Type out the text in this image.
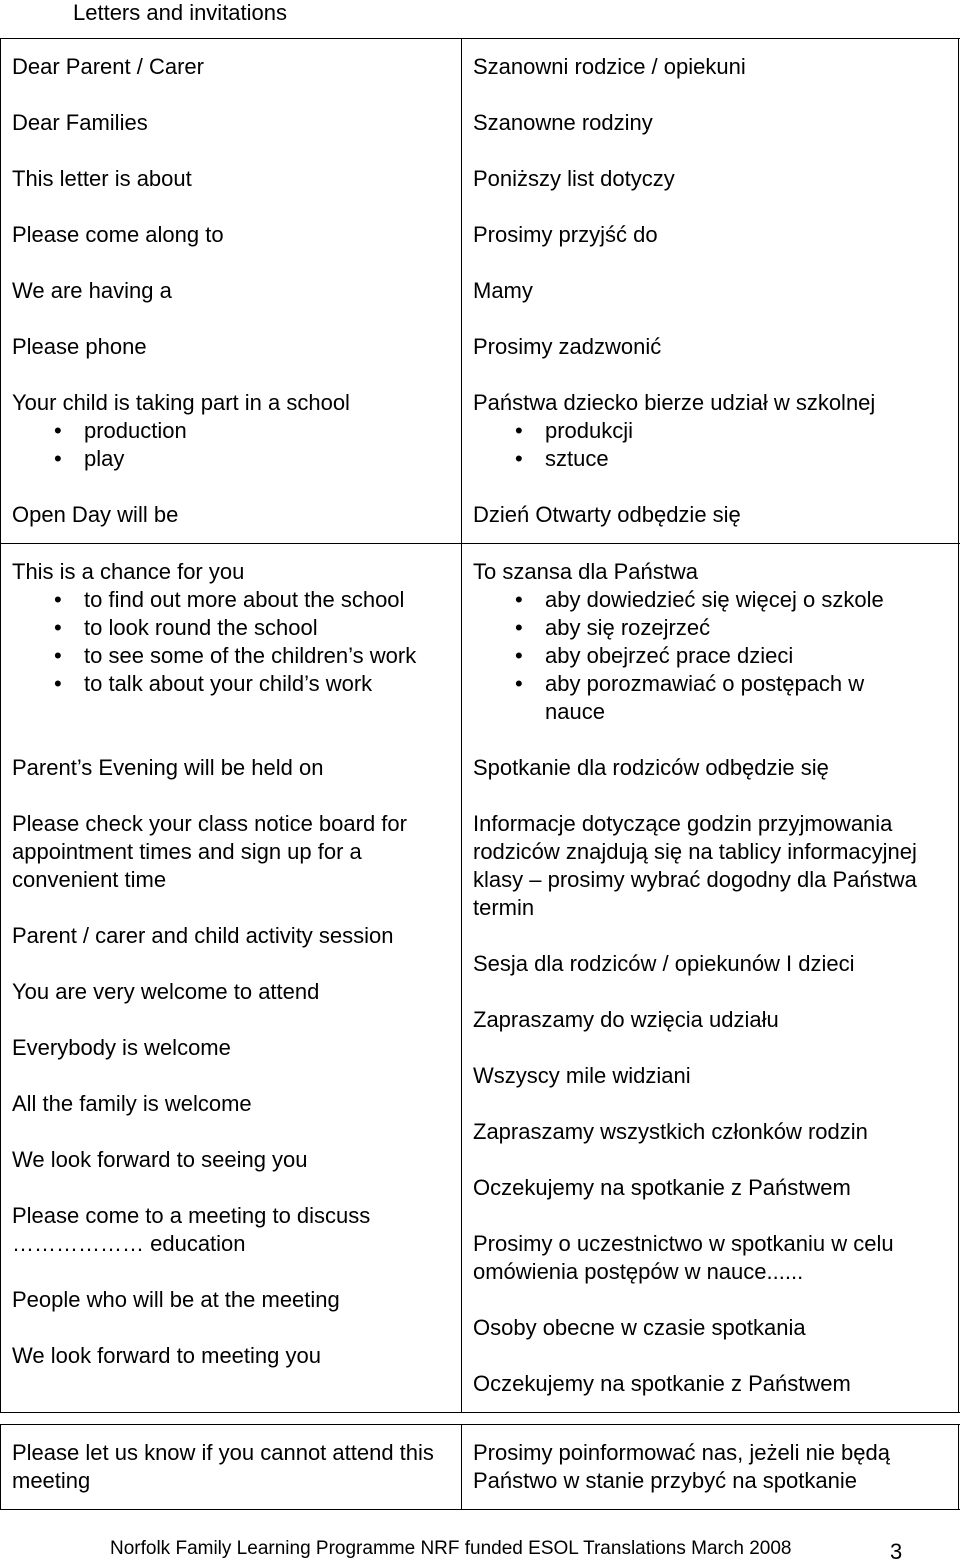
Letters and invitations
Dear Parent / Carer
Dear Families
This letter is about
Please come along to
We are having a
Please phone
Your child is taking part in a school
• production
• play
Open Day will be
Szanowni rodzice / opiekuni
Szanowne rodziny
Poniższy list dotyczy
Prosimy przyjść do
Mamy
Prosimy zadzwonić
Państwa dziecko bierze udział w szkolnej
• produkcji
• sztuce
Dzień Otwarty odbędzie się
This is a chance for you
• to find out more about the school
• to look round the school
• to see some of the children’s work
• to talk about your child’s work
Parent’s Evening will be held on
Please check your class notice board for appointment times and sign up for a convenient time
Parent / carer and child activity session
You are very welcome to attend
Everybody is welcome
All the family is welcome
We look forward to seeing you
Please come to a meeting to discuss ……………… education
People who will be at the meeting
We look forward to meeting you
To szansa dla Państwa
• aby dowiedzieć się więcej o szkole
• aby się rozejrzeć
• aby obejrzeć prace dzieci
• aby porozmawiać o postępach w nauce
Spotkanie dla rodziców odbędzie się
Informacje dotyczące godzin przyjmowania rodziców znajdują się na tablicy informacyjnej klasy – prosimy wybrać dogodny dla Państwa termin
Sesja dla rodziców / opiekunów I dzieci
Zapraszamy do wzięcia udziału
Wszyscy mile widziani
Zapraszamy wszystkich członków rodzin
Oczekujemy na spotkanie z Państwem
Prosimy o uczestnictwo w spotkaniu w celu omówienia postępów w nauce......
Osoby obecne w czasie spotkania
Oczekujemy na spotkanie z Państwem
Please let us know if you cannot attend this meeting
Prosimy poinformować nas, jeżeli nie będą Państwo w stanie przybyć na spotkanie
Norfolk Family Learning Programme NRF funded ESOL Translations March 2008	3
